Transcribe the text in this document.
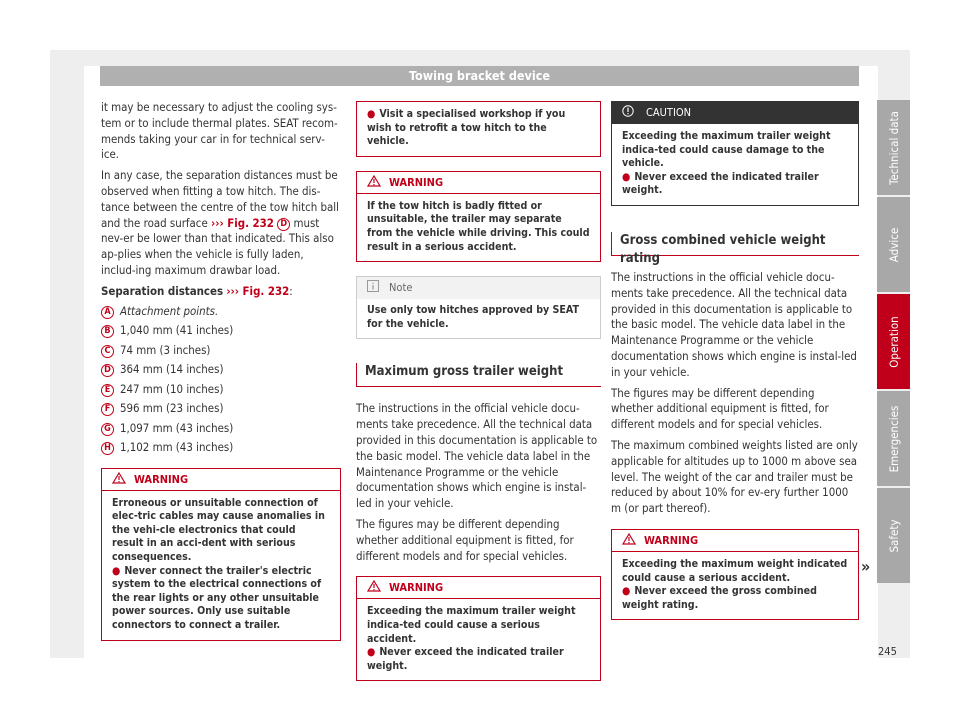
Towing bracket device

it may be necessary to adjust the cooling sys-tem or to include thermal plates. SEAT recom-mends taking your car in for technical serv-ice.

In any case, the separation distances must be observed when fitting a tow hitch. The dis-tance between the centre of the tow hitch ball and the road surface ››› Fig. 232 D must nev-er be lower than that indicated. This also ap-plies when the vehicle is fully laden, includ-ing maximum drawbar load.

Separation distances ››› Fig. 232:

A Attachment points.
B 1,040 mm (41 inches)
C 74 mm (3 inches)
D 364 mm (14 inches)
E 247 mm (10 inches)
F 596 mm (23 inches)
G 1,097 mm (43 inches)
H 1,102 mm (43 inches)
WARNING
Erroneous or unsuitable connection of elec-tric cables may cause anomalies in the vehi-cle electronics that could result in an acci-dent with serious consequences.
● Never connect the trailer's electric system to the electrical connections of the rear lights or any other unsuitable power sources. Only use suitable connectors to connect a trailer.
● Visit a specialised workshop if you wish to retrofit a tow hitch to the vehicle.
WARNING
If the tow hitch is badly fitted or unsuitable, the trailer may separate from the vehicle while driving. This could result in a serious accident.
Note
Use only tow hitches approved by SEAT for the vehicle.
Maximum gross trailer weight

The instructions in the official vehicle docu-ments take precedence. All the technical data provided in this documentation is applicable to the basic model. The vehicle data label in the Maintenance Programme or the vehicle documentation shows which engine is instal-led in your vehicle.

The figures may be different depending whether additional equipment is fitted, for different models and for special vehicles.

WARNING
Exceeding the maximum trailer weight indica-ted could cause a serious accident.
● Never exceed the indicated trailer weight.
CAUTION
Exceeding the maximum trailer weight indica-ted could cause damage to the vehicle.
● Never exceed the indicated trailer weight.
Gross combined vehicle weight rating

The instructions in the official vehicle docu-ments take precedence. All the technical data provided in this documentation is applicable to the basic model. The vehicle data label in the Maintenance Programme or the vehicle documentation shows which engine is instal-led in your vehicle.

The figures may be different depending whether additional equipment is fitted, for different models and for special vehicles.

The maximum combined weights listed are only applicable for altitudes up to 1000 m above sea level. The weight of the car and trailer must be reduced by about 10% for ev-ery further 1000 m (or part thereof).

WARNING
Exceeding the maximum weight indicated could cause a serious accident.
● Never exceed the gross combined weight rating.
»
Technical data
Advice
Operation
Emergencies
Safety
245
